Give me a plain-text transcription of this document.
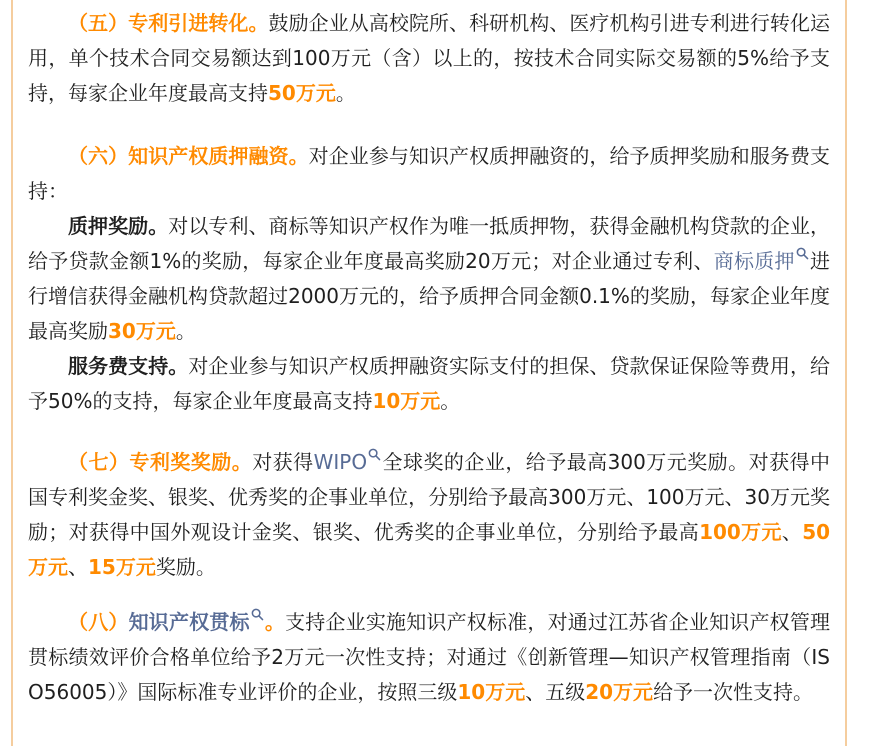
（五）专利引进转化。鼓励企业从高校院所、科研机构、医疗机构引进专利进行转化运用，单个技术合同交易额达到100万元（含）以上的，按技术合同实际交易额的5%给予支持，每家企业年度最高支持50万元。

（六）知识产权质押融资。对企业参与知识产权质押融资的，给予质押奖励和服务费支持：

质押奖励。对以专利、商标等知识产权作为唯一抵质押物，获得金融机构贷款的企业，给予贷款金额1%的奖励，每家企业年度最高奖励20万元；对企业通过专利、商标质押 进行增信获得金融机构贷款超过2000万元的，给予质押合同金额0.1%的奖励，每家企业年度最高奖励30万元。

服务费支持。对企业参与知识产权质押融资实际支付的担保、贷款保证保险等费用，给予50%的支持，每家企业年度最高支持10万元。

（七）专利奖奖励。对获得WIPO 全球奖的企业，给予最高300万元奖励。对获得中国专利奖金奖、银奖、优秀奖的企事业单位，分别给予最高300万元、100万元、30万元奖励；对获得中国外观设计金奖、银奖、优秀奖的企事业单位，分别给予最高100万元、50万元、15万元奖励。

（八）知识产权贯标 。支持企业实施知识产权标准，对通过江苏省企业知识产权管理贯标绩效评价合格单位给予2万元一次性支持；对通过《创新管理—知识产权管理指南（ISO56005）》国际标准专业评价的企业，按照三级10万元、五级20万元给予一次性支持。
